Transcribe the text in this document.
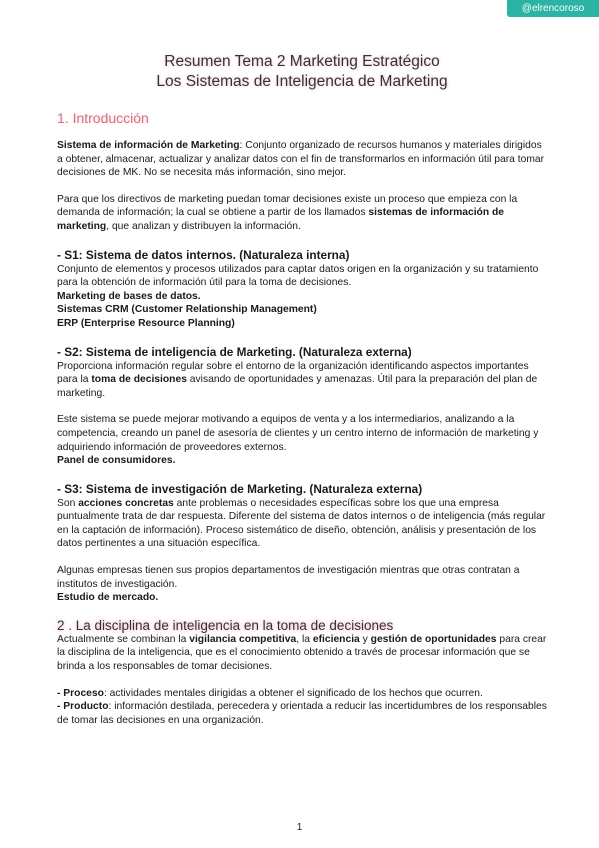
@elrencoroso
Resumen Tema 2 Marketing Estratégico
Los Sistemas de Inteligencia de Marketing
1. Introducción

Sistema de información de Marketing: Conjunto organizado de recursos humanos y materiales dirigidos a obtener, almacenar, actualizar y analizar datos con el fin de transformarlos en información útil para tomar decisiones de MK. No se necesita más información, sino mejor.

Para que los directivos de marketing puedan tomar decisiones existe un proceso que empieza con la demanda de información; la cual se obtiene a partir de los llamados sistemas de información de marketing, que analizan y distribuyen la información.

- S1: Sistema de datos internos. (Naturaleza interna)

Conjunto de elementos y procesos utilizados para captar datos origen en la organización y su tratamiento para la obtención de información útil para la toma de decisiones.

Marketing de bases de datos.

Sistemas CRM (Customer Relationship Management)

ERP (Enterprise Resource Planning)

- S2: Sistema de inteligencia de Marketing. (Naturaleza externa)

Proporciona información regular sobre el entorno de la organización identificando aspectos importantes para la toma de decisiones avisando de oportunidades y amenazas. Útil para la preparación del plan de marketing.

Este sistema se puede mejorar motivando a equipos de venta y a los intermediarios, analizando a la competencia, creando un panel de asesoría de clientes y un centro interno de información de marketing y adquiriendo información de proveedores externos.

Panel de consumidores.

- S3: Sistema de investigación de Marketing. (Naturaleza externa)

Son acciones concretas ante problemas o necesidades específicas sobre los que una empresa puntualmente trata de dar respuesta. Diferente del sistema de datos internos o de inteligencia (más regular en la captación de información). Proceso sistemático de diseño, obtención, análisis y presentación de los datos pertinentes a una situación específica.

Algunas empresas tienen sus propios departamentos de investigación mientras que otras contratan a institutos de investigación.

Estudio de mercado.

2 . La disciplina de inteligencia en la toma de decisiones

Actualmente se combinan la vigilancia competitiva, la eficiencia y gestión de oportunidades para crear la disciplina de la inteligencia, que es el conocimiento obtenido a través de procesar información que se brinda a los responsables de tomar decisiones.

- Proceso: actividades mentales dirigidas a obtener el significado de los hechos que ocurren.

- Producto: información destilada, perecedera y orientada a reducir las incertidumbres de los responsables de tomar las decisiones en una organización.

1
